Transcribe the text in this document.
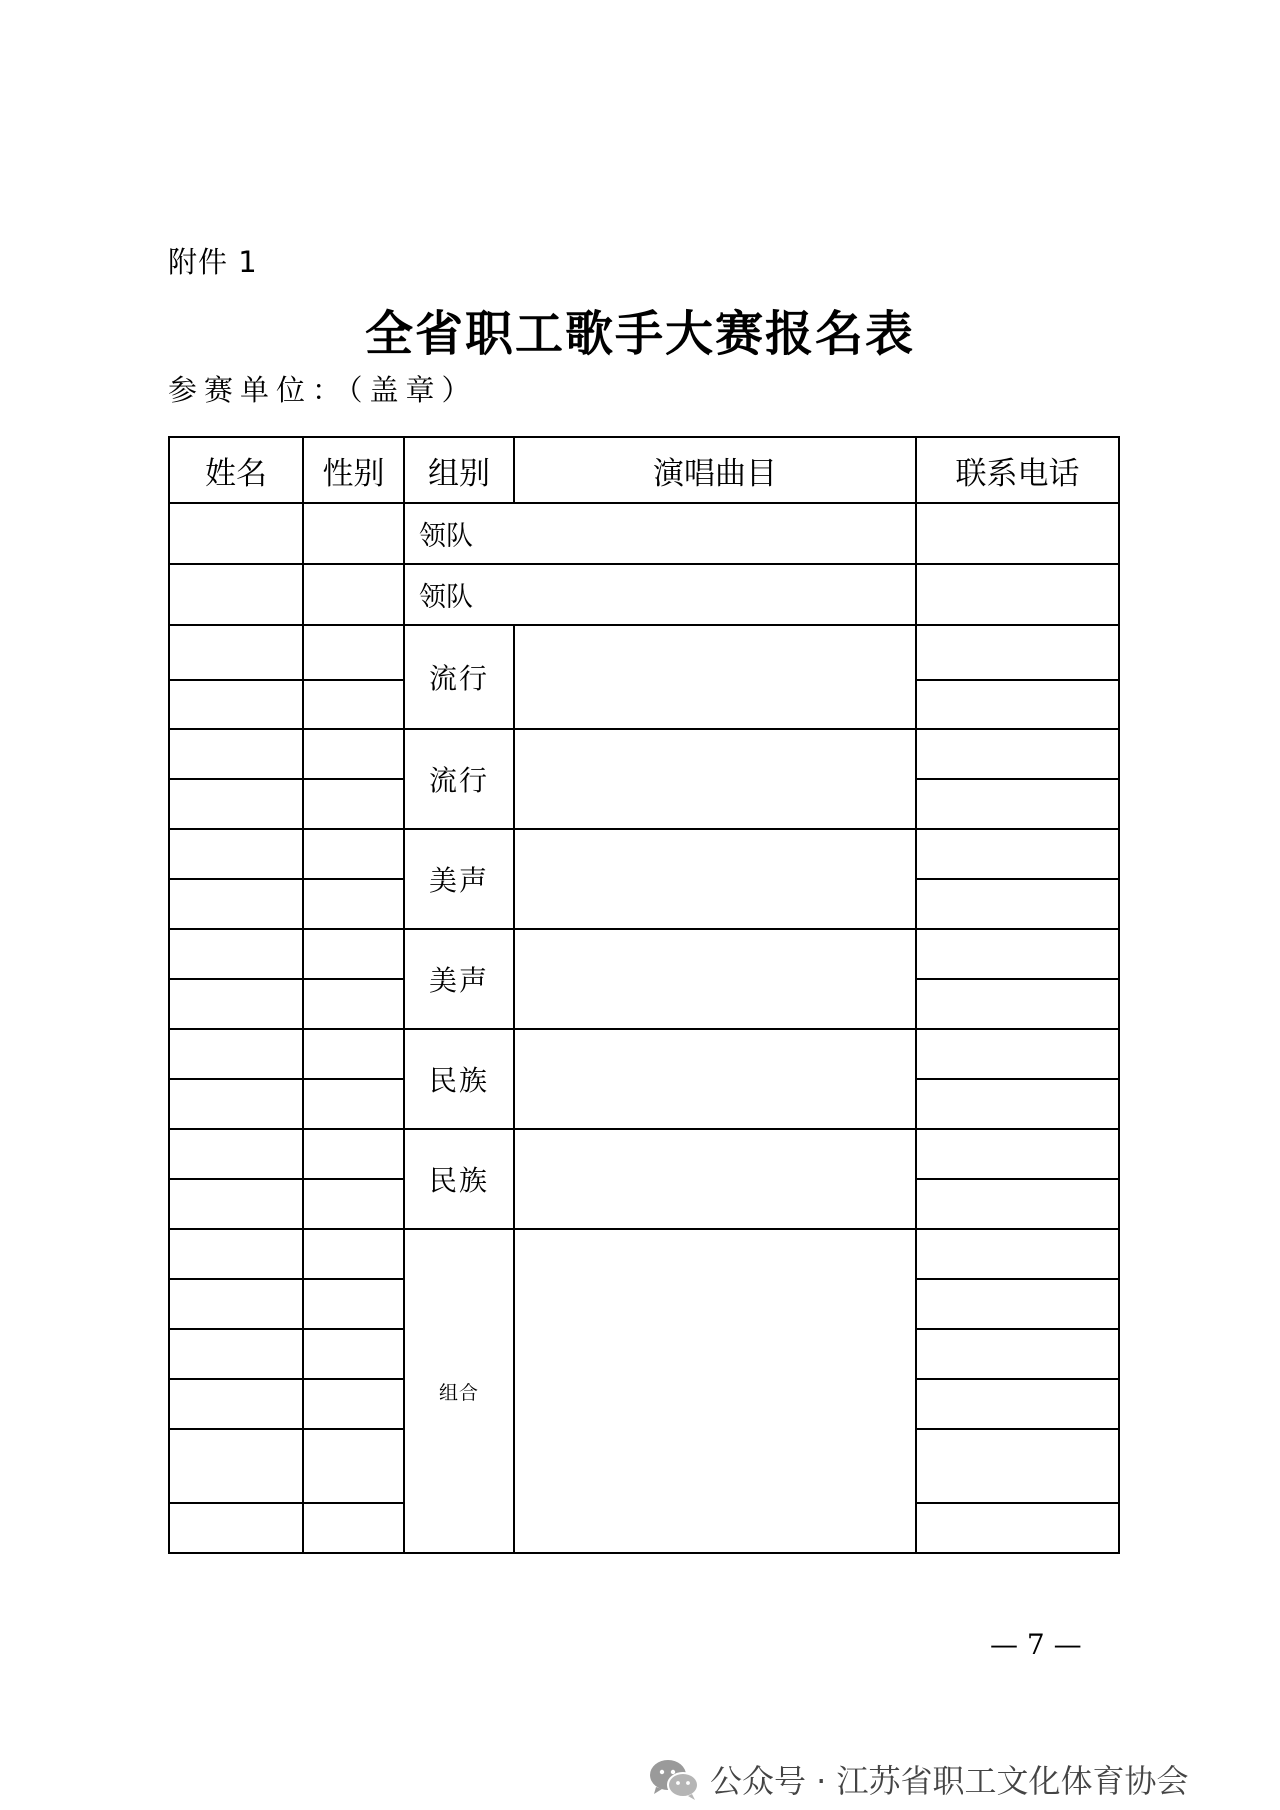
附件 1
全省职工歌手大赛报名表
参赛单位：（盖章）
姓名	性别	组别	演唱曲目	联系电话
		领队		
		领队		
		流行		

		流行		

		美声		

		美声		

		民族		

		民族		

		组合		

— 7 —
公众号 · 江苏省职工文化体育协会
